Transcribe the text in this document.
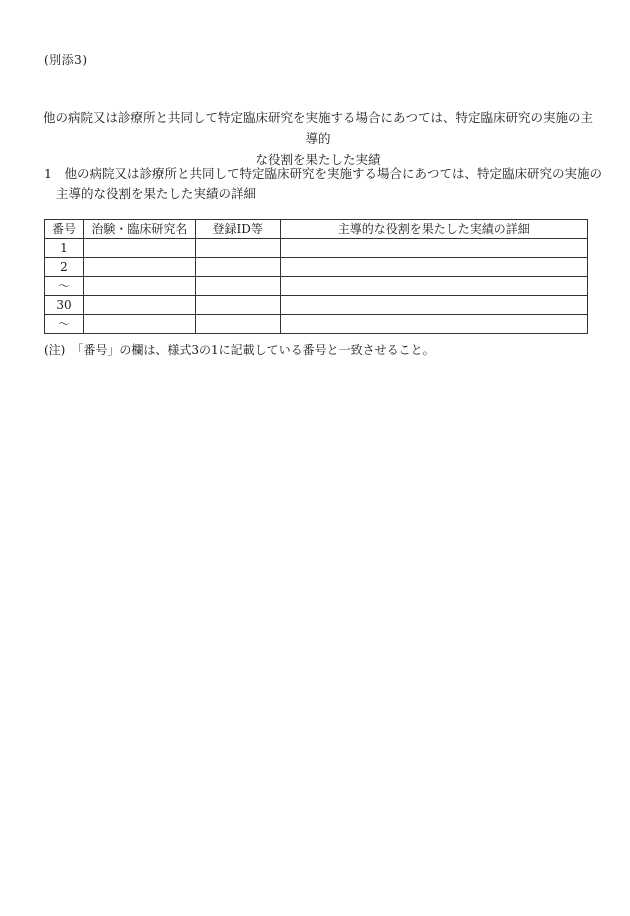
(別添3)
他の病院又は診療所と共同して特定臨床研究を実施する場合にあつては、特定臨床研究の実施の主導的
な役割を果たした実績
1　他の病院又は診療所と共同して特定臨床研究を実施する場合にあつては、特定臨床研究の実施の主導的な役割を果たした実績の詳細
番号	治験・臨床研究名	登録ID等	主導的な役割を果たした実績の詳細
1			
2			
～			
30			
～			
(注)　「番号」の欄は、様式3の1に記載している番号と一致させること。
